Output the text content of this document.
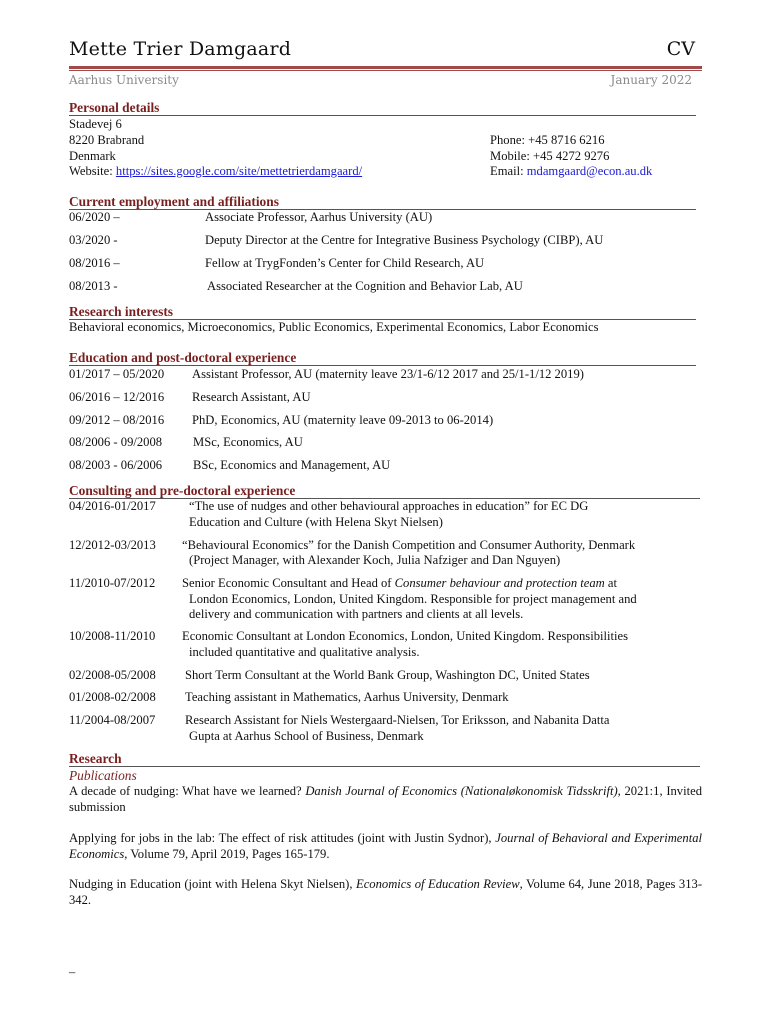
Mette Trier Damgaard	CV
Aarhus University	January 2022
Personal details
Stadevej 6
8220 Brabrand
Denmark
Website: https://sites.google.com/site/mettetrierdamgaard/
Phone: +45 8716 6216
Mobile: +45 4272 9276
Email: mdamgaard@econ.au.dk
Current employment and affiliations
06/2020 –	Associate Professor, Aarhus University (AU)
03/2020 -	Deputy Director at the Centre for Integrative Business Psychology (CIBP), AU
08/2016 –	Fellow at TrygFonden’s Center for Child Research, AU
08/2013 -	Associated Researcher at the Cognition and Behavior Lab, AU
Research interests
Behavioral economics, Microeconomics, Public Economics, Experimental Economics, Labor Economics
Education and post-doctoral experience
01/2017 – 05/2020 Assistant Professor, AU (maternity leave 23/1-6/12 2017 and 25/1-1/12 2019)
06/2016 – 12/2016 Research Assistant, AU
09/2012 – 08/2016 PhD, Economics, AU (maternity leave 09-2013 to 06-2014)
08/2006 - 09/2008 MSc, Economics, AU
08/2003 - 06/2006 BSc, Economics and Management, AU
Consulting and pre-doctoral experience
04/2016-01/2017	“The use of nudges and other behavioural approaches in education” for EC DG
Education and Culture (with Helena Skyt Nielsen)
12/2012-03/2013 “Behavioural Economics” for the Danish Competition and Consumer Authority, Denmark
(Project Manager, with Alexander Koch, Julia Nafziger and Dan Nguyen)
11/2010-07/2012 Senior Economic Consultant and Head of Consumer behaviour and protection team at
London Economics, London, United Kingdom. Responsible for project management and
delivery and communication with partners and clients at all levels.
10/2008-11/2010 Economic Consultant at London Economics, London, United Kingdom. Responsibilities
included quantitative and qualitative analysis.
02/2008-05/2008 Short Term Consultant at the World Bank Group, Washington DC, United States
01/2008-02/2008 Teaching assistant in Mathematics, Aarhus University, Denmark
11/2004-08/2007 Research Assistant for Niels Westergaard-Nielsen, Tor Eriksson, and Nabanita Datta
Gupta at Aarhus School of Business, Denmark
Research
Publications
A decade of nudging: What have we learned? Danish Journal of Economics (Nationaløkonomisk Tidsskrift), 2021:1, Invited submission
Applying for jobs in the lab: The effect of risk attitudes (joint with Justin Sydnor), Journal of Behavioral and Experimental Economics, Volume 79, April 2019, Pages 165-179.
Nudging in Education (joint with Helena Skyt Nielsen), Economics of Education Review, Volume 64, June 2018, Pages 313-342.
–
